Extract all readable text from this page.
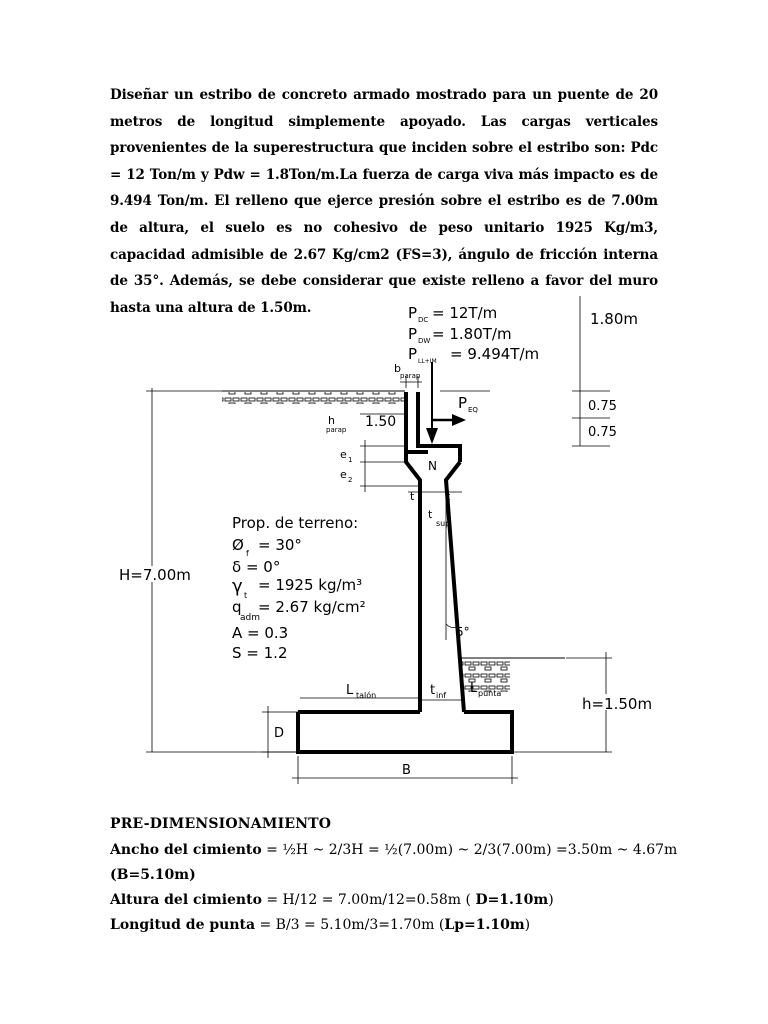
Diseñar un estribo de concreto armado mostrado para un puente de 20 metros de longitud simplemente apoyado. Las cargas verticales provenientes de la superestructura que inciden sobre el estribo son: Pdc = 12 Ton/m y Pdw = 1.8Ton/m.La fuerza de carga viva más impacto es de 9.494 Ton/m. El relleno que ejerce presión sobre el estribo es de 7.00m de altura, el suelo es no cohesivo de peso unitario 1925 Kg/m3, capacidad admisible de 2.67 Kg/cm2 (FS=3), ángulo de fricción interna de 35°. Además, se debe considerar que existe relleno a favor del muro hasta una altura de 1.50m.	P DC = 12T/m
P DW = 1.80T/m
P LL+IM = 9.494T/m
b
parap
h
parap 1.50
P EQ
e 1
e 2
N
t	t
t
sup
5°
Prop. de terreno:
Ø f = 30°
δ = 0°
γ t
= 1925 kg/m³
q
adm
= 2.67 kg/cm²
A = 0.3
S = 1.2
H=7.00m
L talón	t inf L punta
D
B
1.80m
0.75
0.75
h=1.50m
PRE-DIMENSIONAMIENTO
Ancho del cimiento = ½H ~ 2/3H = ½(7.00m) ~ 2/3(7.00m) =3.50m ~ 4.67m
(B=5.10m)
Altura del cimiento = H/12 = 7.00m/12=0.58m ( D=1.10m)
Longitud de punta = B/3 = 5.10m/3=1.70m (Lp=1.10m)
